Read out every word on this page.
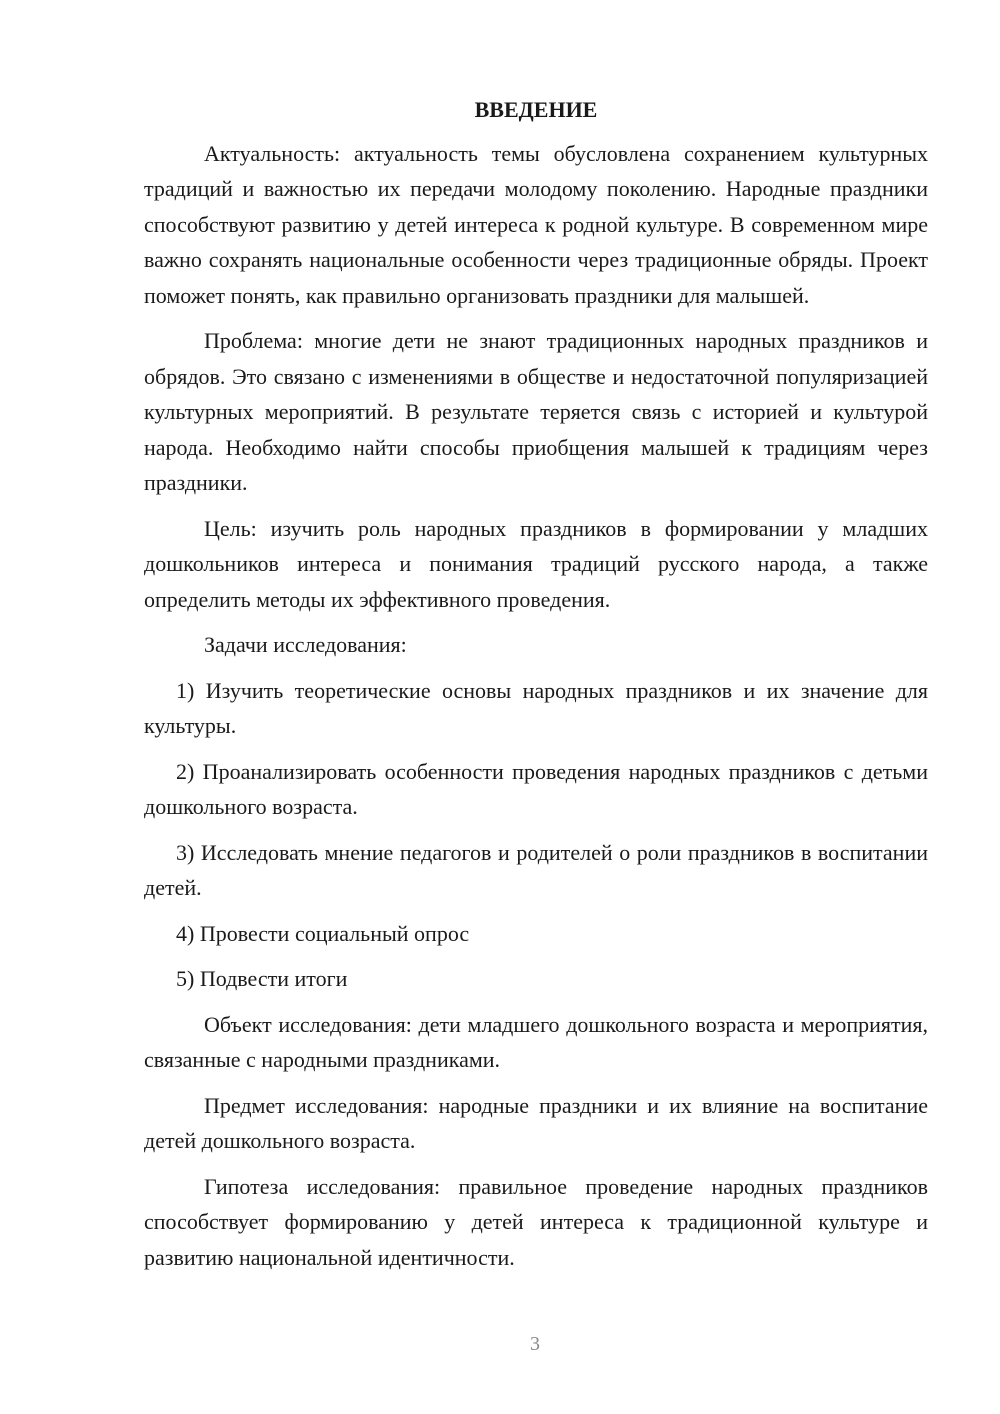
ВВЕДЕНИЕ

Актуальность: актуальность темы обусловлена сохранением культурных традиций и важностью их передачи молодому поколению. Народные праздники способствуют развитию у детей интереса к родной культуре. В современном мире важно сохранять национальные особенности через традиционные обряды. Проект поможет понять, как правильно организовать праздники для малышей.

Проблема: многие дети не знают традиционных народных праздников и обрядов. Это связано с изменениями в обществе и недостаточной популяризацией культурных мероприятий. В результате теряется связь с историей и культурой народа. Необходимо найти способы приобщения малышей к традициям через праздники.

Цель: изучить роль народных праздников в формировании у младших дошкольников интереса и понимания традиций русского народа, а также определить методы их эффективного проведения.

Задачи исследования:

1) Изучить теоретические основы народных праздников и их значение для культуры.

2) Проанализировать особенности проведения народных праздников с детьми дошкольного возраста.

3) Исследовать мнение педагогов и родителей о роли праздников в воспитании детей.

4) Провести социальный опрос

5) Подвести итоги

Объект исследования: дети младшего дошкольного возраста и мероприятия, связанные с народными праздниками.

Предмет исследования: народные праздники и их влияние на воспитание детей дошкольного возраста.

Гипотеза исследования: правильное проведение народных праздников способствует формированию у детей интереса к традиционной культуре и развитию национальной идентичности.

3
